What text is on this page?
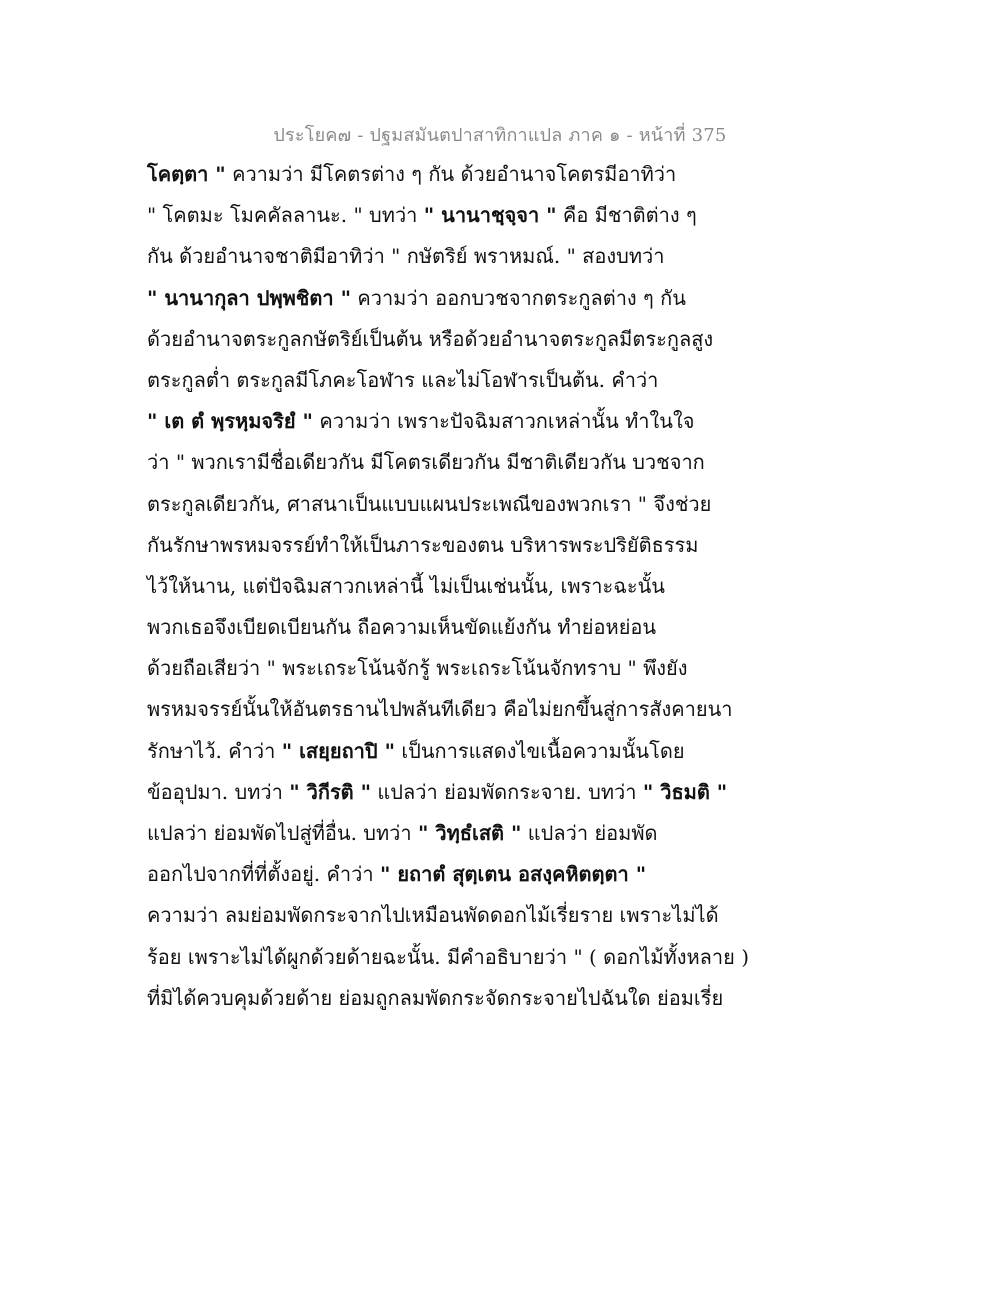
ประโยค๗ - ปฐมสมันตปาสาทิกาแปล ภาค ๑ - หน้าที่ 375
โคตฺตา " ความว่า มีโคตรต่าง ๆ กัน ด้วยอำนาจโคตรมีอาทิว่า
" โคตมะ โมคคัลลานะ. " บทว่า " นานาชฺจฺจา " คือ มีชาติต่าง ๆ
กัน ด้วยอำนาจชาติมีอาทิว่า " กษัตริย์ พราหมณ์. " สองบทว่า
" นานากุลา ปพฺพชิตา " ความว่า ออกบวชจากตระกูลต่าง ๆ กัน
ด้วยอำนาจตระกูลกษัตริย์เป็นต้น หรือด้วยอำนาจตระกูลมีตระกูลสูง
ตระกูลต่ำ ตระกูลมีโภคะโอฬาร และไม่โอฬารเป็นต้น. คำว่า
" เต ตํ พฺรหฺมจริยํ " ความว่า เพราะปัจฉิมสาวกเหล่านั้น ทำในใจ
ว่า " พวกเรามีชื่อเดียวกัน มีโคตรเดียวกัน มีชาติเดียวกัน บวชจาก
ตระกูลเดียวกัน, ศาสนาเป็นแบบแผนประเพณีของพวกเรา " จึงช่วย
กันรักษาพรหมจรรย์ทำให้เป็นภาระของตน บริหารพระปริยัติธรรม
ไว้ให้นาน, แต่ปัจฉิมสาวกเหล่านี้ ไม่เป็นเช่นนั้น, เพราะฉะนั้น
พวกเธอจึงเบียดเบียนกัน ถือความเห็นขัดแย้งกัน ทำย่อหย่อน
ด้วยถือเสียว่า " พระเถระโน้นจักรู้ พระเถระโน้นจักทราบ " พึงยัง
พรหมจรรย์นั้นให้อันตรธานไปพลันทีเดียว คือไม่ยกขึ้นสู่การสังคายนา
รักษาไว้. คำว่า " เสยฺยถาปิ " เป็นการแสดงไขเนื้อความนั้นโดย
ข้ออุปมา. บทว่า " วิกีรติ " แปลว่า ย่อมพัดกระจาย. บทว่า " วิธมติ "
แปลว่า ย่อมพัดไปสู่ที่อื่น. บทว่า " วิทฺธํเสติ " แปลว่า ย่อมพัด
ออกไปจากที่ที่ตั้งอยู่. คำว่า " ยถาตํ สุตฺเตน อสงฺคหิตตฺตา "
ความว่า ลมย่อมพัดกระจากไปเหมือนพัดดอกไม้เรี่ยราย เพราะไม่ได้
ร้อย เพราะไม่ได้ผูกด้วยด้ายฉะนั้น. มีคำอธิบายว่า " ( ดอกไม้ทั้งหลาย )
ที่มิได้ควบคุมด้วยด้าย ย่อมถูกลมพัดกระจัดกระจายไปฉันใด ย่อมเรี่ย
